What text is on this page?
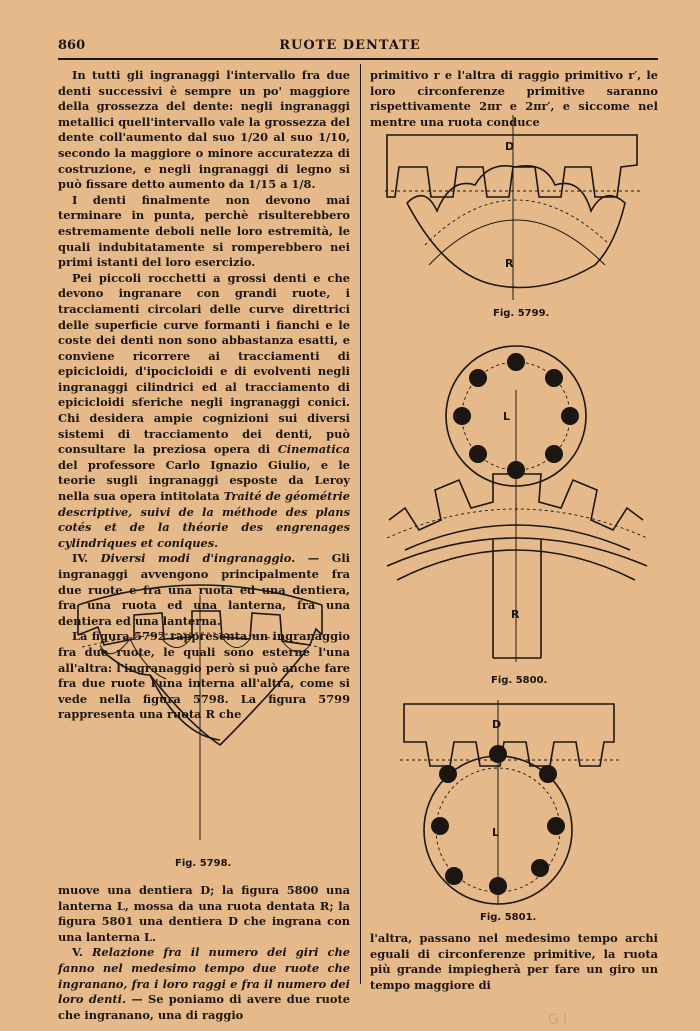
860	RUOTE DENTATE

In tutti gli ingranaggi l'intervallo fra due denti successivi è sempre un po' maggiore della grossezza del dente: negli ingranaggi metallici quell'intervallo vale la grossezza del dente coll'aumento dal suo 1/20 al suo 1/10, secondo la maggiore o minore accuratezza di costruzione, e negli ingranaggi di legno si può fissare detto aumento da 1/15 a 1/8.

I denti finalmente non devono mai terminare in punta, perchè risulterebbero estremamente deboli nelle loro estremità, le quali indubitatamente si romperebbero nei primi istanti del loro esercizio.

Pei piccoli rocchetti a grossi denti e che devono ingranare con grandi ruote, i tracciamenti circolari delle curve direttrici delle superficie curve formanti i fianchi e le coste dei denti non sono abbastanza esatti, e conviene ricorrere ai tracciamenti di epicicloidi, d'ipocicloidi e di evolventi negli ingranaggi cilindrici ed al tracciamento di epicicloidi sferiche negli ingranaggi conici. Chi desidera ampie cognizioni sui diversi sistemi di tracciamento dei denti, può consultare la preziosa opera di Cinematica del professore Carlo Ignazio Giulio, e le teorie sugli ingranaggi esposte da Leroy nella sua opera intitolata Traité de géométrie descriptive, suivi de la méthode des plans cotés et de la théorie des engrenages cylindriques et coniques.

IV. Diversi modi d'ingranaggio. — Gli ingranaggi avvengono principalmente fra due ruote e fra una ruota ed una dentiera, fra una ruota ed una lanterna, fra una dentiera ed una lanterna.

La figura 5792 rappresenta un ingranaggio fra due ruote, le quali sono esterne l'una all'altra: l'ingranaggio però si può anche fare fra due ruote l'una interna all'altra, come si vede nella figura 5798. La figura 5799 rappresenta una ruota R che

Fig. 5798.

muove una dentiera D; la figura 5800 una lanterna L, mossa da una ruota dentata R; la figura 5801 una dentiera D che ingrana con una lanterna L.

V. Relazione fra il numero dei giri che fanno nel medesimo tempo due ruote che ingranano, fra i loro raggi e fra il numero dei loro denti. — Se poniamo di avere due ruote che ingranano, una di raggio

primitivo r e l'altra di raggio primitivo r′, le loro circonferenze primitive saranno rispettivamente 2πr e 2πr′, e siccome nel mentre una ruota conduce

D
R
Fig. 5799.
L
R
Fig. 5800.
D
L
Fig. 5801.

l'altra, passano nel medesimo tempo archi eguali di circonferenze primitive, la ruota più grande impiegherà per fare un giro un tempo maggiore di

G l
